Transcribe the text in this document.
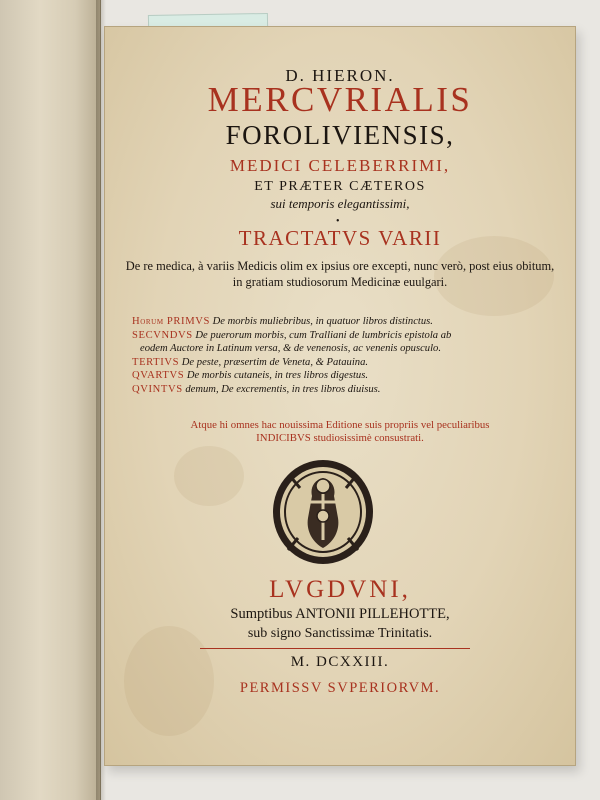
D. HIERON.
MERCVRIALIS
FOROLIVIENSIS,
MEDICI CELEBERRIMI,
ET PRÆTER CÆTEROS
sui temporis elegantissimi,
•
TRACTATVS VARII
De re medica, à variis Medicis olim ex ipsius ore excepti, nunc verò, post eius obitum, in gratiam studiosorum Medicinæ euulgari.
Horum PRIMVS De morbis muliebribus, in quatuor libros distinctus.
SECVNDVS De puerorum morbis, cum Tralliani de lumbricis epistola ab
eodem Auctore in Latinum versa, & de venenosis, ac venenis opusculo.
TERTIVS De peste, præsertim de Veneta, & Patauina.
QVARTVS De morbis cutaneis, in tres libros digestus.
QVINTVS demum, De excrementis, in tres libros diuisus.
Atque hi omnes hac nouissima Editione suis propriis vel peculiaribus
INDICIBVS studiosissimè consustrati.
LVGDVNI,
Sumptibus ANTONII PILLEHOTTE,
sub signo Sanctissimæ Trinitatis.
M. DCXXIII.
PERMISSV SVPERIORVM.
